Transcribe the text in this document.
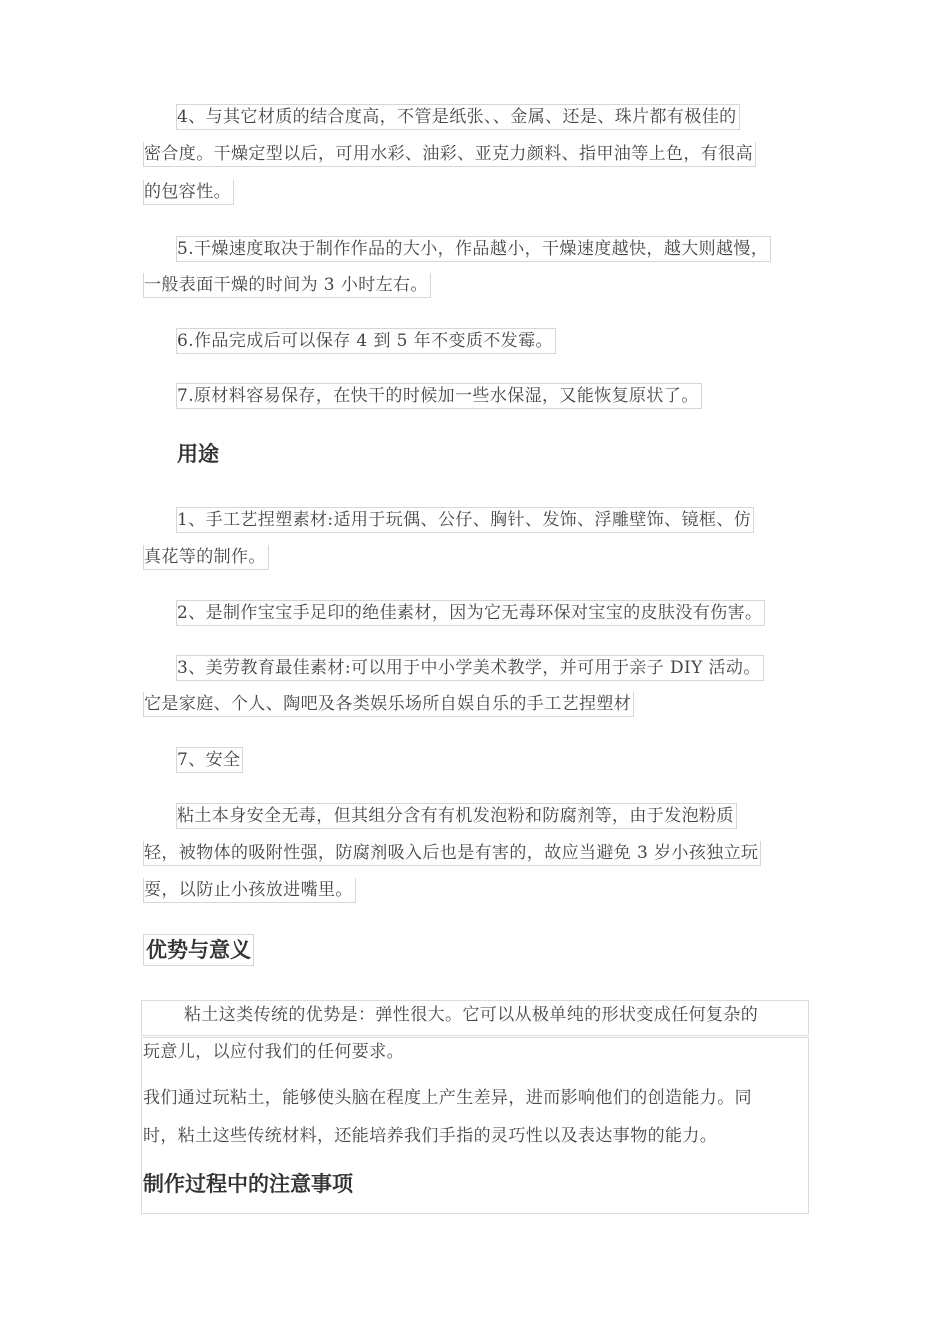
4、与其它材质的结合度高，不管是纸张、、金属、还是、珠片都有极佳的
密合度。干燥定型以后，可用水彩、油彩、亚克力颜料、指甲油等上色，有很高
的包容性。
5.干燥速度取决于制作作品的大小，作品越小，干燥速度越快，越大则越慢，
一般表面干燥的时间为 3 小时左右。
6.作品完成后可以保存 4 到 5 年不变质不发霉。
7.原材料容易保存，在快干的时候加一些水保湿，又能恢复原状了。
用途
1、手工艺捏塑素材:适用于玩偶、公仔、胸针、发饰、浮雕壁饰、镜框、仿
真花等的制作。
2、是制作宝宝手足印的绝佳素材，因为它无毒环保对宝宝的皮肤没有伤害。
3、美劳教育最佳素材:可以用于中小学美术教学，并可用于亲子 DIY 活动。
它是家庭、个人、陶吧及各类娱乐场所自娱自乐的手工艺捏塑材
7、安全
粘土本身安全无毒，但其组分含有有机发泡粉和防腐剂等，由于发泡粉质
轻，被物体的吸附性强，防腐剂吸入后也是有害的，故应当避免 3 岁小孩独立玩
耍，以防止小孩放进嘴里。
优势与意义
粘土这类传统的优势是：弹性很大。它可以从极单纯的形状变成任何复杂的
玩意儿，以应付我们的任何要求。
我们通过玩粘土，能够使头脑在程度上产生差异，进而影响他们的创造能力。同
时，粘土这些传统材料，还能培养我们手指的灵巧性以及表达事物的能力。
制作过程中的注意事项
